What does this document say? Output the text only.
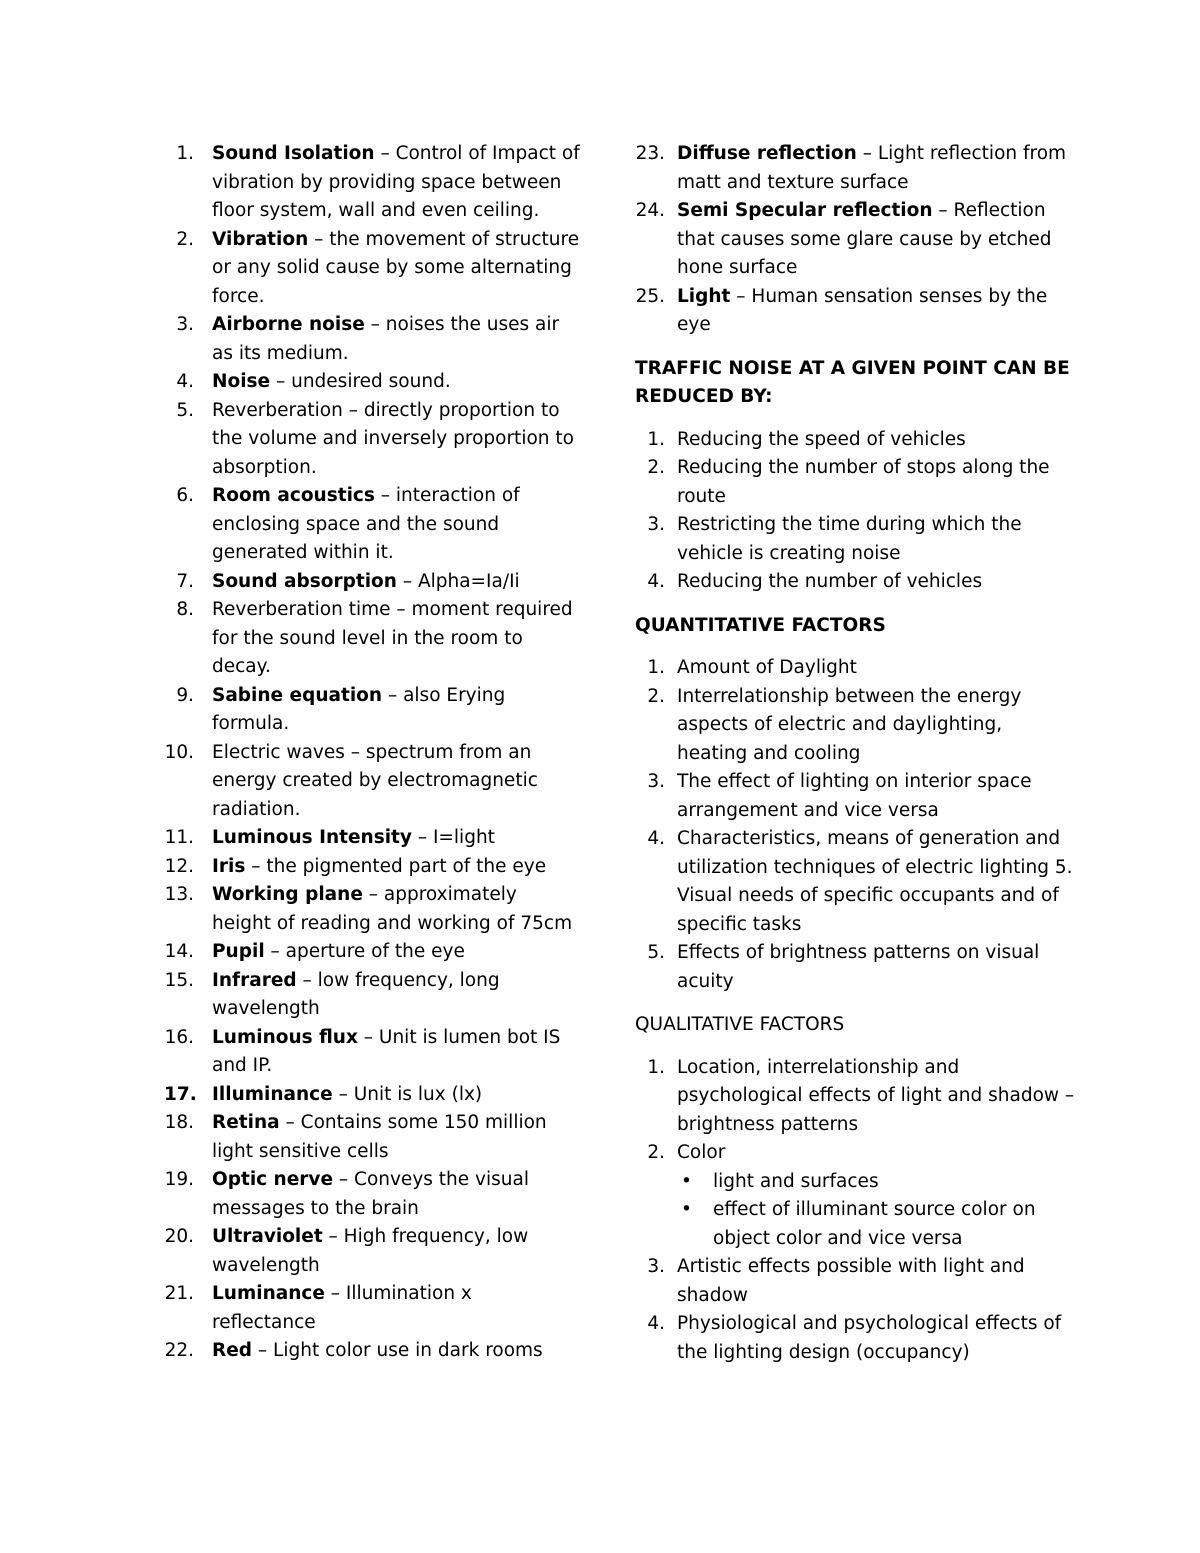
1. Sound Isolation – Control of Impact of vibration by providing space between floor system, wall and even ceiling.
2. Vibration – the movement of structure or any solid cause by some alternating force.
3. Airborne noise – noises the uses air as its medium.
4. Noise – undesired sound.
5. Reverberation – directly proportion to the volume and inversely proportion to absorption.
6. Room acoustics – interaction of enclosing space and the sound generated within it.
7. Sound absorption – Alpha=Ia/Ii
8. Reverberation time – moment required for the sound level in the room to decay.
9. Sabine equation – also Erying formula.
10. Electric waves – spectrum from an energy created by electromagnetic radiation.
11. Luminous Intensity – I=light
12. Iris – the pigmented part of the eye
13. Working plane – approximately height of reading and working of 75cm
14. Pupil – aperture of the eye
15. Infrared – low frequency, long wavelength
16. Luminous flux – Unit is lumen bot IS and IP.
17. Illuminance – Unit is lux (lx)
18. Retina – Contains some 150 million light sensitive cells
19. Optic nerve – Conveys the visual messages to the brain
20. Ultraviolet – High frequency, low wavelength
21. Luminance – Illumination x reflectance
22. Red – Light color use in dark rooms
23. Diffuse reflection – Light reflection from matt and texture surface
24. Semi Specular reflection – Reflection that causes some glare cause by etched hone surface
25. Light – Human sensation senses by the eye
TRAFFIC NOISE AT A GIVEN POINT CAN BE REDUCED BY:
1. Reducing the speed of vehicles
2. Reducing the number of stops along the route
3. Restricting the time during which the vehicle is creating noise
4. Reducing the number of vehicles
QUANTITATIVE FACTORS
1. Amount of Daylight
2. Interrelationship between the energy aspects of electric and daylighting, heating and cooling
3. The effect of lighting on interior space arrangement and vice versa
4. Characteristics, means of generation and utilization techniques of electric lighting 5. Visual needs of specific occupants and of specific tasks
5. Effects of brightness patterns on visual acuity
QUALITATIVE FACTORS
1. Location, interrelationship and psychological effects of light and shadow – brightness patterns
2. Color
• light and surfaces
• effect of illuminant source color on object color and vice versa
3. Artistic effects possible with light and shadow
4. Physiological and psychological effects of the lighting design (occupancy)
